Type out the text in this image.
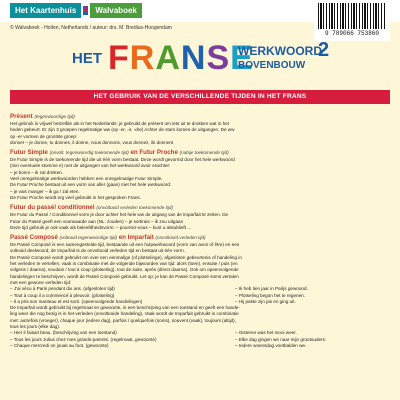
Het Kaartenhuis	Walvaboek
9 789066 753860
© Walvaboek - Holten, Netherlands / auteur: drs. M. Bredius-Hoogendam
HET FRANSE
WERKWOORD
2
BOVENBOUW
HET GEBRUIK VAN DE VERSCHILLENDE TIJDEN IN HET FRANS
Présent (tegenwoordige tijd)

Het gebruik is vrijwel hetzelfde als in het Nederlands: je gebruikt de présent om iets uit te drukken wat in het

heden gebeurt. Er zijn 3 groepen regelmatige ww (op -er, -ir, -dre) Achter de stam komen de uitgangen. De ww

op -er vormen de grootste groep:

donner – je donne, tu donnes, il donne, nous donnons, vous donnez, ils donnent

Futur Simple (onvolt. tegenwoordig toekomende tijd) en Futur Proche (nabije toekomende tijd)

De Futur Simple is de toekomende tijd die uit één vorm bestaat. Deze wordt gevormd door het hele werkwoord

(min eventuele stomme e) met de uitgangen van het werkwoord avoir erachter:

– je bonni – ik zal drinken.

Veel onregelmatige werkwoorden hebben een onregelmatige Futur Simple.

De Futur Proche bestaat uit een vorm van aller (gaan) met het hele werkwoord:

– je vais manger – ik ga / zal eten.

De Futur Proche wordt erg veel gebruikt in het gesproken Frans.

Futur du passé/ conditionnel (onvoltooid verleden toekomende tijd)

De Futur du Passé / Conditionnel vorm je door achter het hele ww de uitgang van de imparfait te zetten. De

Futur du Passé geeft een voorwaarde aan (NL: zouden) – je sortirais – ik zou uitgaan

Deze tijd gebruik je ook vaak als beleefdheidsvorm: – pourriez-vous – kunt u alstublieft ...

Passé Composé (voltooid tegenwoordige tijd) en Imparfait (onvoltooid verleden tijd)

De Passé Composé is een samengestelde tijd, bestaande uit een hulpwerkwoord (vorm van avoir of être) en een

voltooid deelwoord; de Imparfait is de onvoltooid verleden tijd en bestaat uit één vorm.

De Passé Composé wordt gebruikt om over een eenmalige (of plotselinge), afgesloten gebeurtenis of handeling in

het verleden te vertellen, vaak in combinatie met de volgende bijwoorden van tijd: alors (toen), ensuite / puis (en

volgens / daarna), soudain / tout à coup (plotseling), tout de suite, après (direct daarna). Ook om opeenvolgende

handelingen te beschrijven, wordt de Passé Composé gebruikt. Let op: je kan de Passé Composé soms vertalen

met een gewone verleden tijd:

– J'ai vécu à Paris pendant dix ans. (afgesloten tijd)	– Ik heb tien jaar in Parijs gewoond.
– Tout à coup il a commencé à pleuvoir. (plotseling)	– Plotseling begon het te regenen.
– Il a pris son manteau et est sorti. (opeenvolgende handelingen)	– Hij pakte zijn jas en ging uit.

De Imparfait wordt gebruikt bij regelmaat en gewoonte, in een beschrijving van een toestand en geeft een hande-

ling weer die nog bezig is in het verleden (onvoltooide handeling). Vaak wordt de Imparfait gebruikt in combinatie

met: autrefois (vroeger), chaque jour (iedere dag), parfois / quelquefois (soms), souvent (vaak), toujours (altijd),

tous les jours (elke dag).

– Hier il faisait beau. (beschrijving van een toestand)	– Gisteren was het mooi weer.
– Tous les jours Julius chez mes grands-parents. (regelmaat, gewoonte)	– Elke dag gingen we naar mijn grootouders.
– Chaque mercredi on jouait au foot. (gewoonte)	– Iedere woensdag voetbalden we.
